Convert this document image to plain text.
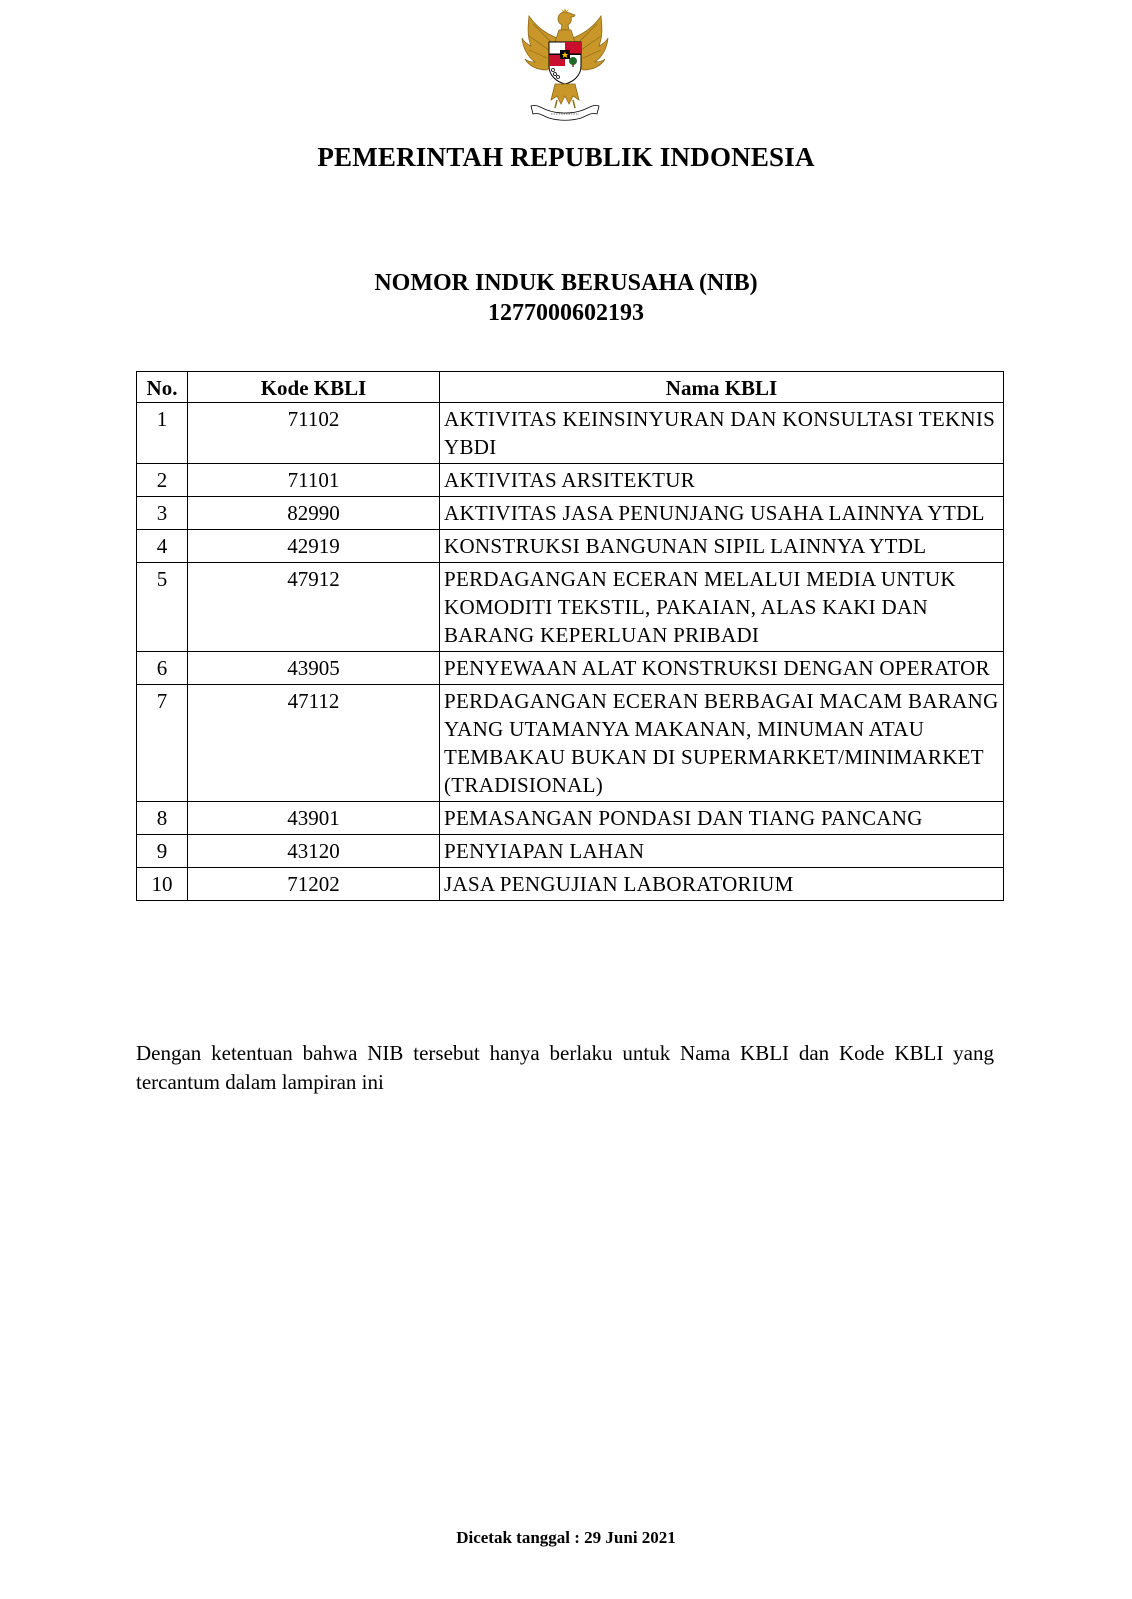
PEMERINTAH REPUBLIK INDONESIA
NOMOR INDUK BERUSAHA (NIB)
1277000602193
No.	Kode KBLI	Nama KBLI
1	71102	AKTIVITAS KEINSINYURAN DAN KONSULTASI TEKNIS YBDI
2	71101	AKTIVITAS ARSITEKTUR
3	82990	AKTIVITAS JASA PENUNJANG USAHA LAINNYA YTDL
4	42919	KONSTRUKSI BANGUNAN SIPIL LAINNYA YTDL
5	47912	PERDAGANGAN ECERAN MELALUI MEDIA UNTUK KOMODITI TEKSTIL, PAKAIAN, ALAS KAKI DAN BARANG KEPERLUAN PRIBADI
6	43905	PENYEWAAN ALAT KONSTRUKSI DENGAN OPERATOR
7	47112	PERDAGANGAN ECERAN BERBAGAI MACAM BARANG YANG UTAMANYA MAKANAN, MINUMAN ATAU TEMBAKAU BUKAN DI SUPERMARKET/MINIMARKET (TRADISIONAL)
8	43901	PEMASANGAN PONDASI DAN TIANG PANCANG
9	43120	PENYIAPAN LAHAN
10	71202	JASA PENGUJIAN LABORATORIUM

Dengan ketentuan bahwa NIB tersebut hanya berlaku untuk Nama KBLI dan Kode KBLI yang tercantum dalam lampiran ini

Dicetak tanggal : 29 Juni 2021
